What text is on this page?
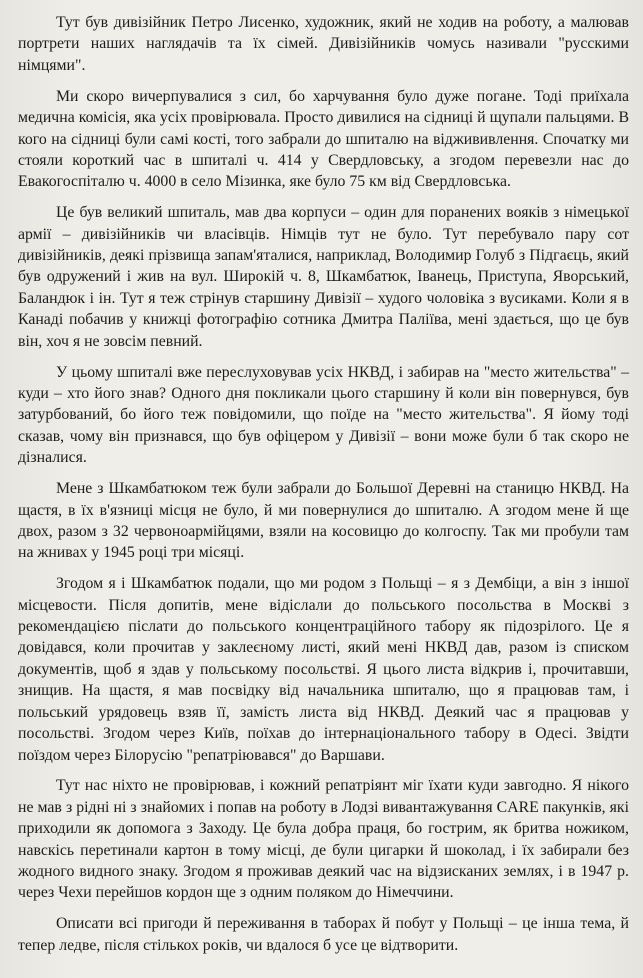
Тут був дивізійник Петро Лисенко, художник, який не ходив на роботу, а малював портрети наших наглядачів та їх сімей. Дивізійників чомусь називали "русскими німцями".

Ми скоро вичерпувалися з сил, бо харчування було дуже погане. Тоді приїхала медична комісія, яка усіх провірювала. Просто дивилися на сідниці й щупали пальцями. В кого на сідниці були самі кості, того забрали до шпиталю на віджививлення. Спочатку ми стояли короткий час в шпиталі ч. 414 у Свердловську, а згодом перевезли нас до Евакогоспіталю ч. 4000 в село Мізинка, яке було 75 км від Свердловська.

Це був великий шпиталь, мав два корпуси – один для поранених вояків з німецької армії – дивізійників чи власівців. Німців тут не було. Тут перебувало пару сот дивізійників, деякі прізвища запам'яталися, наприклад, Володимир Голуб з Підгаєць, який був одружений і жив на вул. Широкій ч. 8, Шкамбатюк, Іванець, Приступа, Яворський, Баландюк і ін. Тут я теж стрінув старшину Дивізії – худого чоловіка з вусиками. Коли я в Канаді побачив у книжці фотографію сотника Дмитра Паліїва, мені здається, що це був він, хоч я не зовсім певний.

У цьому шпиталі вже переслуховував усіх НКВД, і забирав на "место жительства" – куди – хто його знав? Одного дня покликали цього старшину й коли він повернувся, був затурбований, бо його теж повідомили, що поїде на "место жительства". Я йому тоді сказав, чому він признався, що був офіцером у Дивізії – вони може були б так скоро не дізналися.

Мене з Шкамбатюком теж були забрали до Большої Деревні на станицю НКВД. На щастя, в їх в'язниці місця не було, й ми повернулися до шпиталю. А згодом мене й ще двох, разом з 32 червоноармійцями, взяли на косовицю до колгоспу. Так ми пробули там на жнивах у 1945 році три місяці.

Згодом я і Шкамбатюк подали, що ми родом з Польщі – я з Дембіци, а він з іншої місцевости. Після допитів, мене відіслали до польського посольства в Москві з рекомендацією післати до польського концентраційного табору як підозрілого. Це я довідався, коли прочитав у заклеєному листі, який мені НКВД дав, разом із списком документів, щоб я здав у польському посольстві. Я цього листа відкрив і, прочитавши, знищив. На щастя, я мав посвідку від начальника шпиталю, що я працював там, і польський урядовець взяв її, замість листа від НКВД. Деякий час я працював у посольстві. Згодом через Київ, поїхав до інтернаціонального табору в Одесі. Звідти поїздом через Білорусію "репатріювався" до Варшави.

Тут нас ніхто не провірював, і кожний репатріянт міг їхати куди завгодно. Я нікого не мав з рідні ні з знайомих і попав на роботу в Лодзі вивантажування CARE пакунків, які приходили як допомога з Заходу. Це була добра праця, бо гострим, як бритва ножиком, навскісь перетинали картон в тому місці, де були цигарки й шоколад, і їх забирали без жодного видного знаку. Згодом я проживав деякий час на відзисканих землях, і в 1947 р. через Чехи перейшов кордон ще з одним поляком до Німеччини.

Описати всі пригоди й переживання в таборах й побут у Польщі – це інша тема, й тепер ледве, після стількох років, чи вдалося б усе це відтворити.
